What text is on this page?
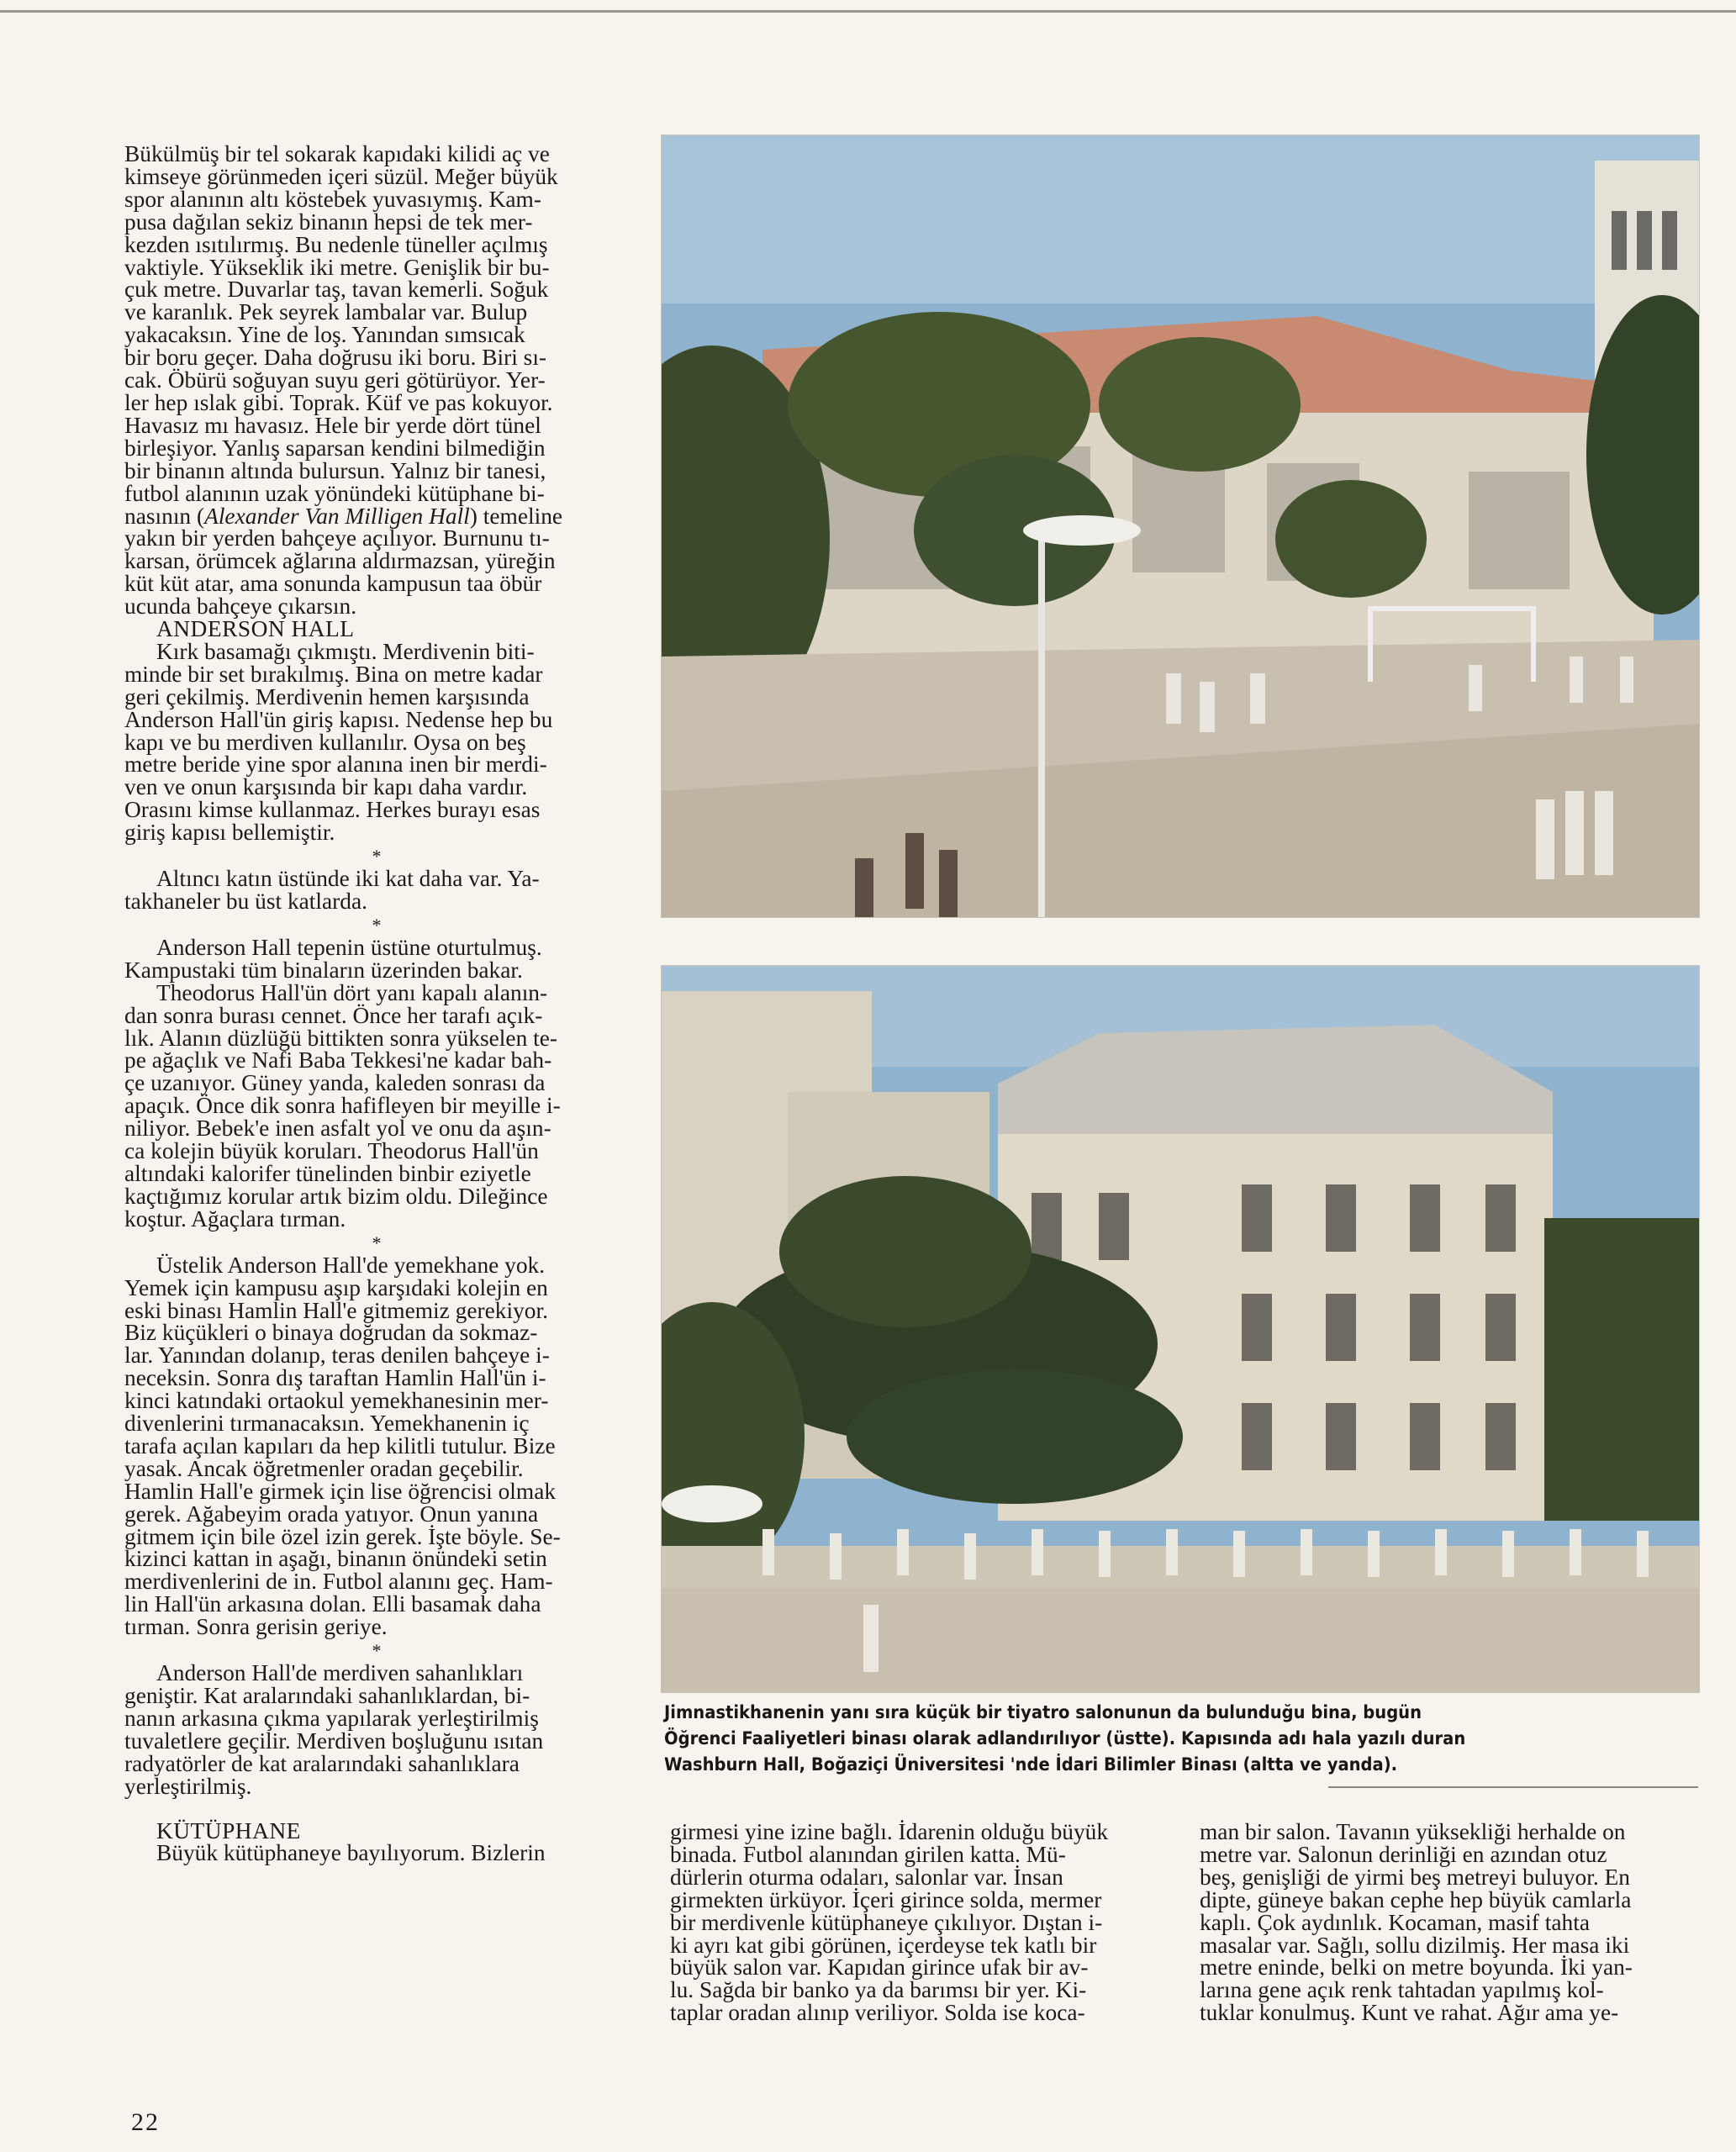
Bükülmüş bir tel sokarak kapıdaki kilidi aç ve
kimseye görünmeden içeri süzül. Meğer büyük
spor alanının altı köstebek yuvasıymış. Kam-
pusa dağılan sekiz binanın hepsi de tek mer-
kezden ısıtılırmış. Bu nedenle tüneller açılmış
vaktiyle. Yükseklik iki metre. Genişlik bir bu-
çuk metre. Duvarlar taş, tavan kemerli. Soğuk
ve karanlık. Pek seyrek lambalar var. Bulup
yakacaksın. Yine de loş. Yanından sımsıcak
bir boru geçer. Daha doğrusu iki boru. Biri sı-
cak. Öbürü soğuyan suyu geri götürüyor. Yer-
ler hep ıslak gibi. Toprak. Küf ve pas kokuyor.
Havasız mı havasız. Hele bir yerde dört tünel
birleşiyor. Yanlış saparsan kendini bilmediğin
bir binanın altında bulursun. Yalnız bir tanesi,
futbol alanının uzak yönündeki kütüphane bi-
nasının (Alexander Van Milligen Hall) temeline
yakın bir yerden bahçeye açılıyor. Burnunu tı-
karsan, örümcek ağlarına aldırmazsan, yüreğin
küt küt atar, ama sonunda kampusun taa öbür
ucunda bahçeye çıkarsın.

ANDERSON HALL

Kırk basamağı çıkmıştı. Merdivenin biti-
minde bir set bırakılmış. Bina on metre kadar
geri çekilmiş. Merdivenin hemen karşısında
Anderson Hall'ün giriş kapısı. Nedense hep bu
kapı ve bu merdiven kullanılır. Oysa on beş
metre beride yine spor alanına inen bir merdi-
ven ve onun karşısında bir kapı daha vardır.
Orasını kimse kullanmaz. Herkes burayı esas
giriş kapısı bellemiştir.

*

Altıncı katın üstünde iki kat daha var. Ya-
takhaneler bu üst katlarda.

*

Anderson Hall tepenin üstüne oturtulmuş.
Kampustaki tüm binaların üzerinden bakar.

Theodorus Hall'ün dört yanı kapalı alanın-
dan sonra burası cennet. Önce her tarafı açık-
lık. Alanın düzlüğü bittikten sonra yükselen te-
pe ağaçlık ve Nafi Baba Tekkesi'ne kadar bah-
çe uzanıyor. Güney yanda, kaleden sonrası da
apaçık. Önce dik sonra hafifleyen bir meyille i-
niliyor. Bebek'e inen asfalt yol ve onu da aşın-
ca kolejin büyük koruları. Theodorus Hall'ün
altındaki kalorifer tünelinden binbir eziyetle
kaçtığımız korular artık bizim oldu. Dileğince
koştur. Ağaçlara tırman.

*

Üstelik Anderson Hall'de yemekhane yok.
Yemek için kampusu aşıp karşıdaki kolejin en
eski binası Hamlin Hall'e gitmemiz gerekiyor.
Biz küçükleri o binaya doğrudan da sokmaz-
lar. Yanından dolanıp, teras denilen bahçeye i-
neceksin. Sonra dış taraftan Hamlin Hall'ün i-
kinci katındaki ortaokul yemekhanesinin mer-
divenlerini tırmanacaksın. Yemekhanenin iç
tarafa açılan kapıları da hep kilitli tutulur. Bize
yasak. Ancak öğretmenler oradan geçebilir.
Hamlin Hall'e girmek için lise öğrencisi olmak
gerek. Ağabeyim orada yatıyor. Onun yanına
gitmem için bile özel izin gerek. İşte böyle. Se-
kizinci kattan in aşağı, binanın önündeki setin
merdivenlerini de in. Futbol alanını geç. Ham-
lin Hall'ün arkasına dolan. Elli basamak daha
tırman. Sonra gerisin geriye.

*

Anderson Hall'de merdiven sahanlıkları
geniştir. Kat aralarındaki sahanlıklardan, bi-
nanın arkasına çıkma yapılarak yerleştirilmiş
tuvaletlere geçilir. Merdiven boşluğunu ısıtan
radyatörler de kat aralarındaki sahanlıklara
yerleştirilmiş.

KÜTÜPHANE

Büyük kütüphaneye bayılıyorum. Bizlerin

Jimnastikhanenin yanı sıra küçük bir tiyatro salonunun da bulunduğu bina, bugün

Öğrenci Faaliyetleri binası olarak adlandırılıyor (üstte). Kapısında adı hala yazılı duran

Washburn Hall, Boğaziçi Üniversitesi 'nde İdari Bilimler Binası (altta ve yanda).

girmesi yine izine bağlı. İdarenin olduğu büyük
binada. Futbol alanından girilen katta. Mü-
dürlerin oturma odaları, salonlar var. İnsan
girmekten ürküyor. İçeri girince solda, mermer
bir merdivenle kütüphaneye çıkılıyor. Dıştan i-
ki ayrı kat gibi görünen, içerdeyse tek katlı bir
büyük salon var. Kapıdan girince ufak bir av-
lu. Sağda bir banko ya da barımsı bir yer. Ki-
taplar oradan alınıp veriliyor. Solda ise koca-

man bir salon. Tavanın yüksekliği herhalde on
metre var. Salonun derinliği en azından otuz
beş, genişliği de yirmi beş metreyi buluyor. En
dipte, güneye bakan cephe hep büyük camlarla
kaplı. Çok aydınlık. Kocaman, masif tahta
masalar var. Sağlı, sollu dizilmiş. Her masa iki
metre eninde, belki on metre boyunda. İki yan-
larına gene açık renk tahtadan yapılmış kol-
tuklar konulmuş. Kunt ve rahat. Ağır ama ye-

22
